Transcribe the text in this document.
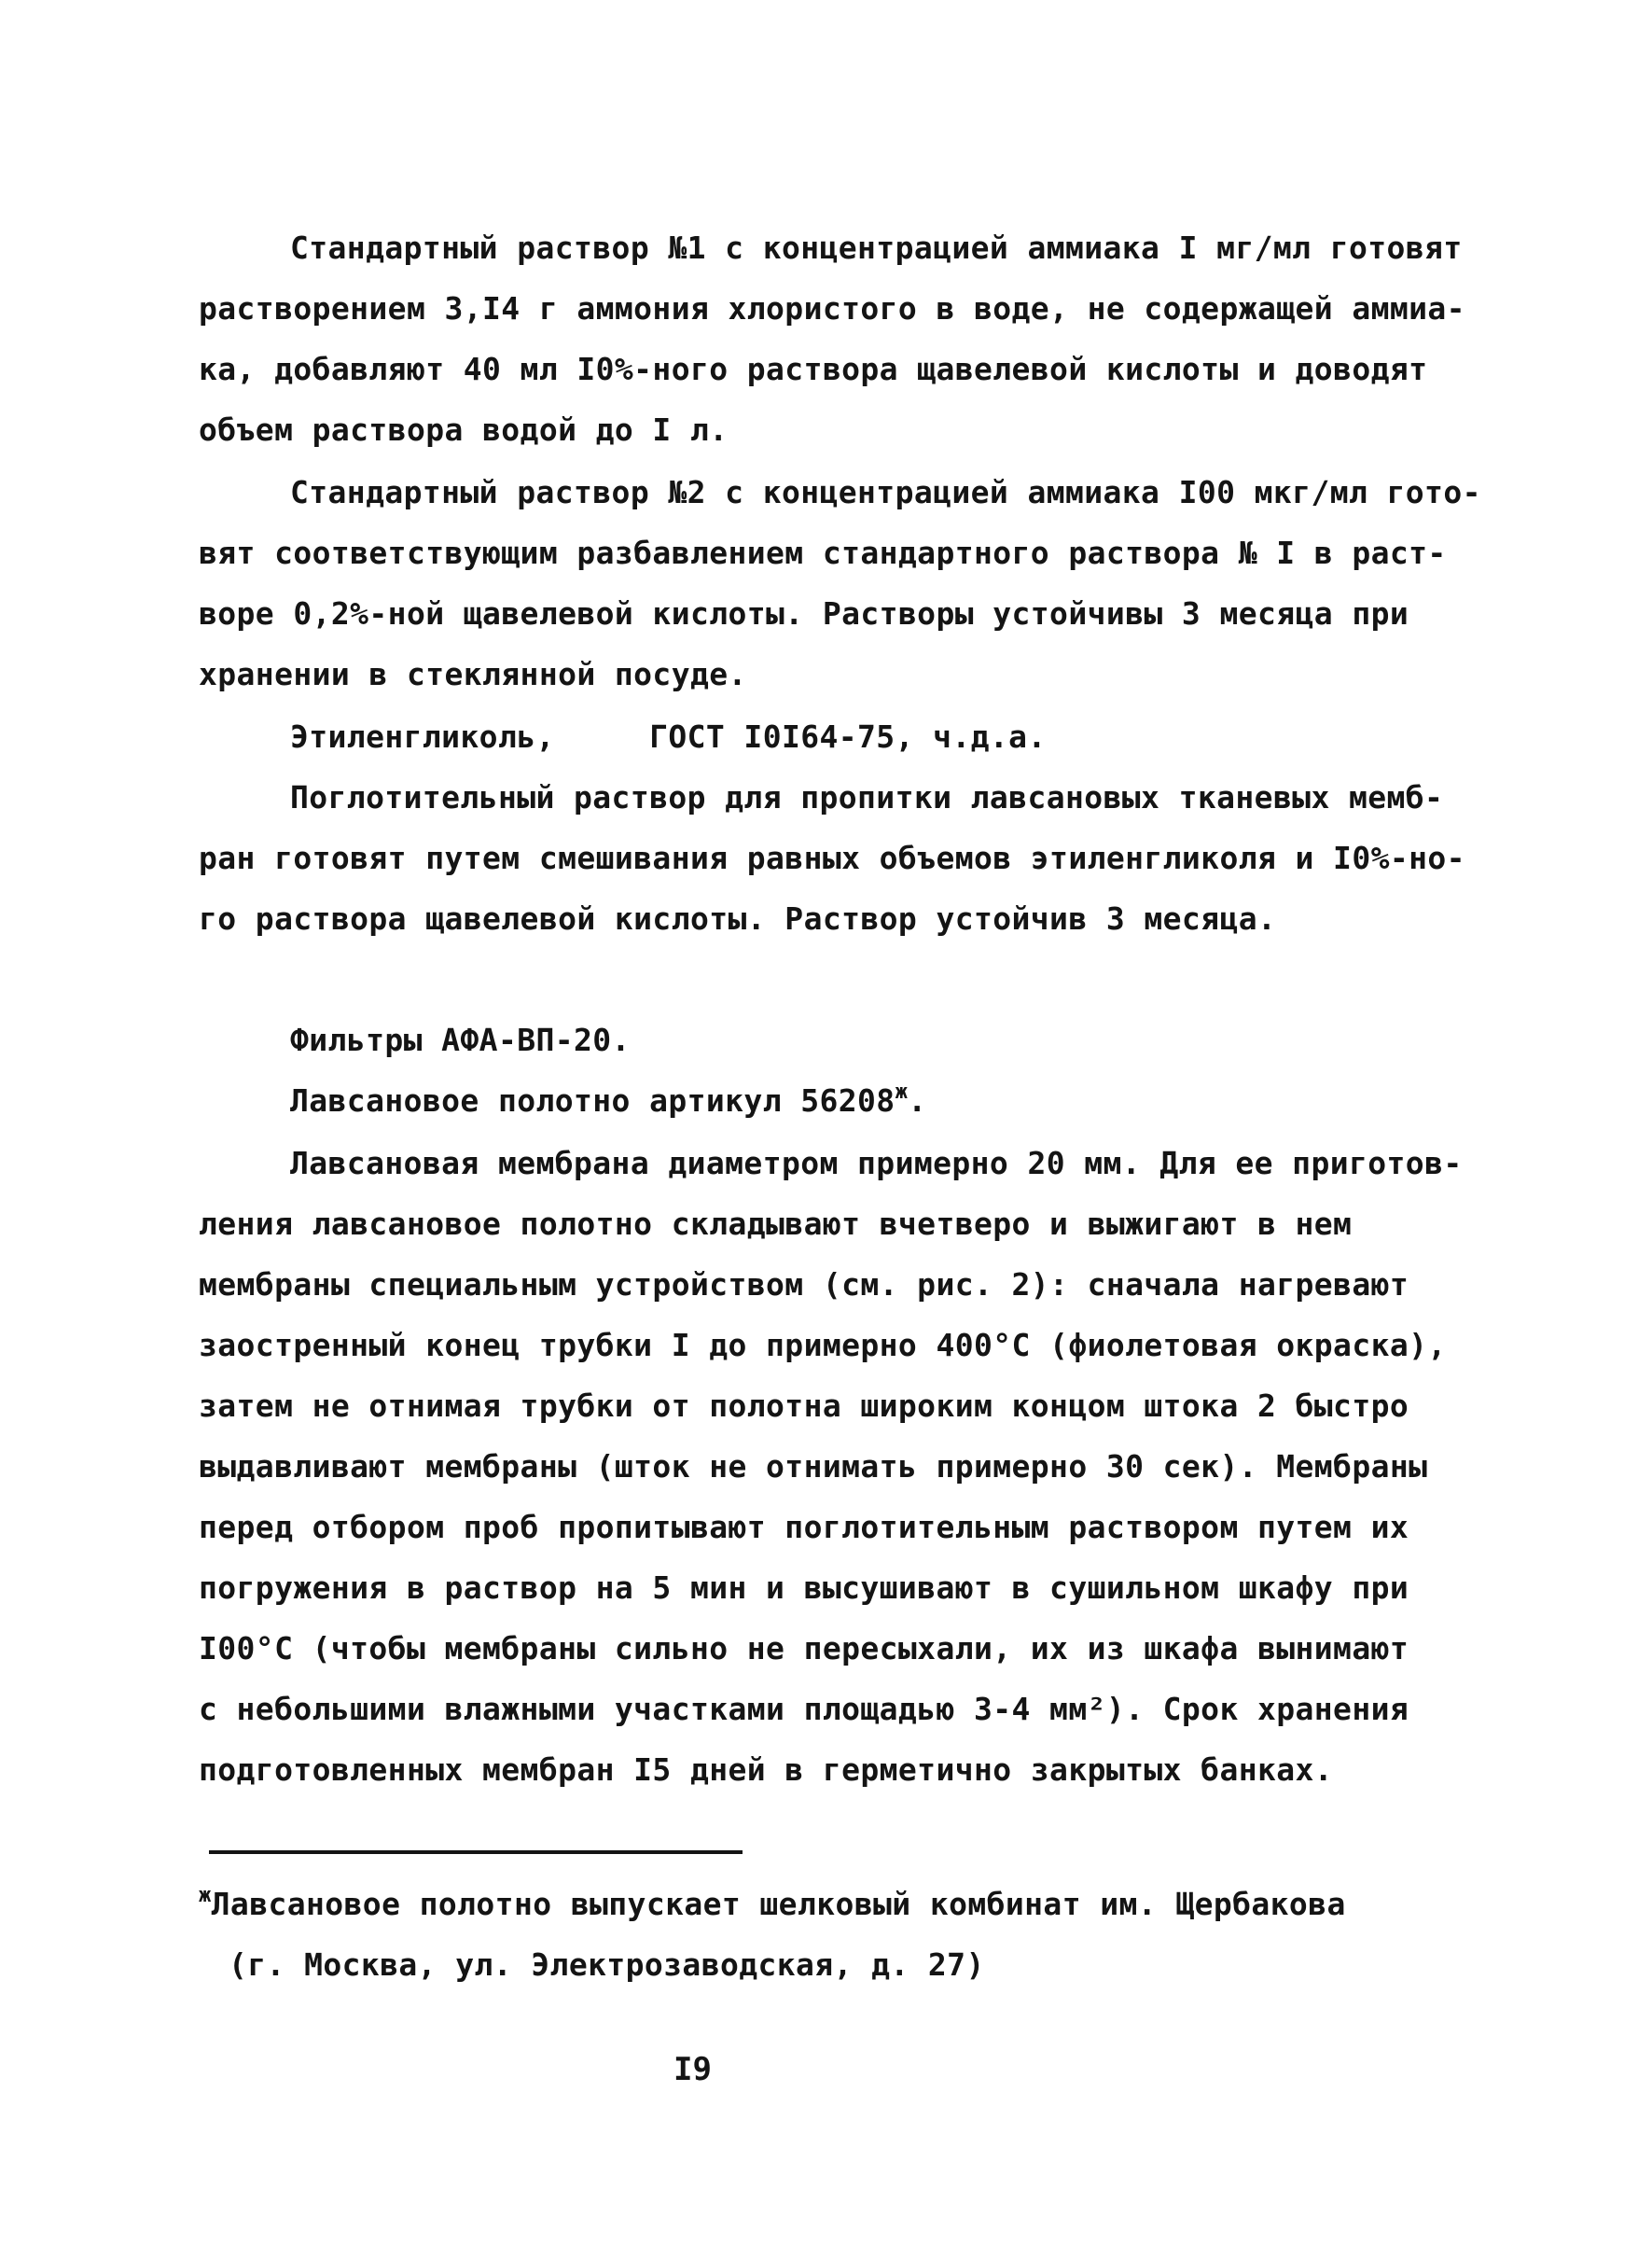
Стандартный раствор №1 с концентрацией аммиака I мг/мл готовят
растворением 3,I4 г аммония хлористого в воде, не содержащей аммиа-
ка, добавляют 40 мл I0%-ного раствора щавелевой кислоты и доводят
объем раствора водой до I л.
Стандартный раствор №2 с концентрацией аммиака I00 мкг/мл гото-
вят соответствующим разбавлением стандартного раствора № I в раст-
воре 0,2%-ной щавелевой кислоты. Растворы устойчивы 3 месяца при
хранении в стеклянной посуде.
Этиленгликоль,     ГОСТ I0I64-75, ч.д.а.
Поглотительный раствор для пропитки лавсановых тканевых мемб-
ран готовят путем смешивания равных объемов этиленгликоля и I0%-но-
го раствора щавелевой кислоты. Раствор устойчив 3 месяца.
Фильтры АФА-ВП-20.
Лавсановое полотно артикул $56208^ж$.
Лавсановая мембрана диаметром примерно 20 мм. Для ее приготов-
ления лавсановое полотно складывают вчетверо и выжигают в нем
мембраны специальным устройством (см. рис. 2): сначала нагревают
заостренный конец трубки I до примерно 400°С (фиолетовая окраска),
затем не отнимая трубки от полотна широким концом штока 2 быстро
выдавливают мембраны (шток не отнимать примерно 30 сек). Мембраны
перед отбором проб пропитывают поглотительным раствором путем их
погружения в раствор на 5 мин и высушивают в сушильном шкафу при
I00°С (чтобы мембраны сильно не пересыхали, их из шкафа вынимают
с небольшими влажными участками площадью 3-4 мм²). Срок хранения
подготовленных мембран I5 дней в герметично закрытых банках.
$^ж$Лавсановое полотно выпускает шелковый комбинат им. Щербакова
(г. Москва, ул. Электрозаводская, д. 27)
I9
